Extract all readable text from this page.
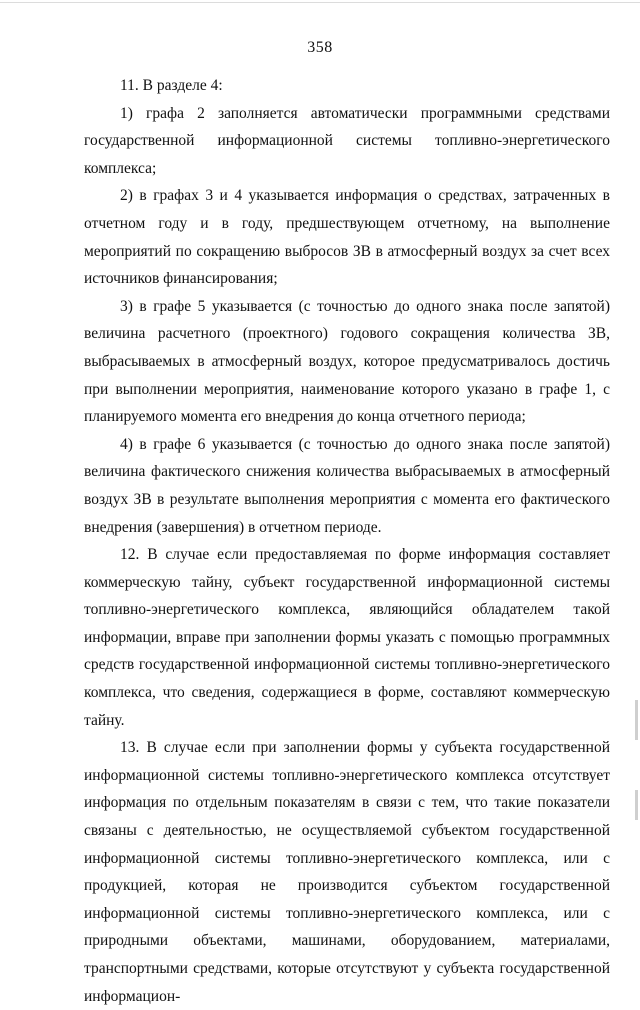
358

11. В разделе 4:

1) графа 2 заполняется автоматически программными средствами государственной информационной системы топливно-энергетического комплекса;

2) в графах 3 и 4 указывается информация о средствах, затраченных в отчетном году и в году, предшествующем отчетному, на выполнение мероприятий по сокращению выбросов ЗВ в атмосферный воздух за счет всех источников финансирования;

3) в графе 5 указывается (с точностью до одного знака после запятой) величина расчетного (проектного) годового сокращения количества ЗВ, выбрасываемых в атмосферный воздух, которое предусматривалось достичь при выполнении мероприятия, наименование которого указано в графе 1, с планируемого момента его внедрения до конца отчетного периода;

4) в графе 6 указывается (с точностью до одного знака после запятой) величина фактического снижения количества выбрасываемых в атмосферный воздух ЗВ в результате выполнения мероприятия с момента его фактического внедрения (завершения) в отчетном периоде.

12. В случае если предоставляемая по форме информация составляет коммерческую тайну, субъект государственной информационной системы топливно-энергетического комплекса, являющийся обладателем такой информации, вправе при заполнении формы указать с помощью программных средств государственной информационной системы топливно-энергетического комплекса, что сведения, содержащиеся в форме, составляют коммерческую тайну.

13. В случае если при заполнении формы у субъекта государственной информационной системы топливно-энергетического комплекса отсутствует информация по отдельным показателям в связи с тем, что такие показатели связаны с деятельностью, не осуществляемой субъектом государственной информационной системы топливно-энергетического комплекса, или с продукцией, которая не производится субъектом государственной информационной системы топливно-энергетического комплекса, или с природными объектами, машинами, оборудованием, материалами, транспортными средствами, которые отсутствуют у субъекта государственной информацион-
